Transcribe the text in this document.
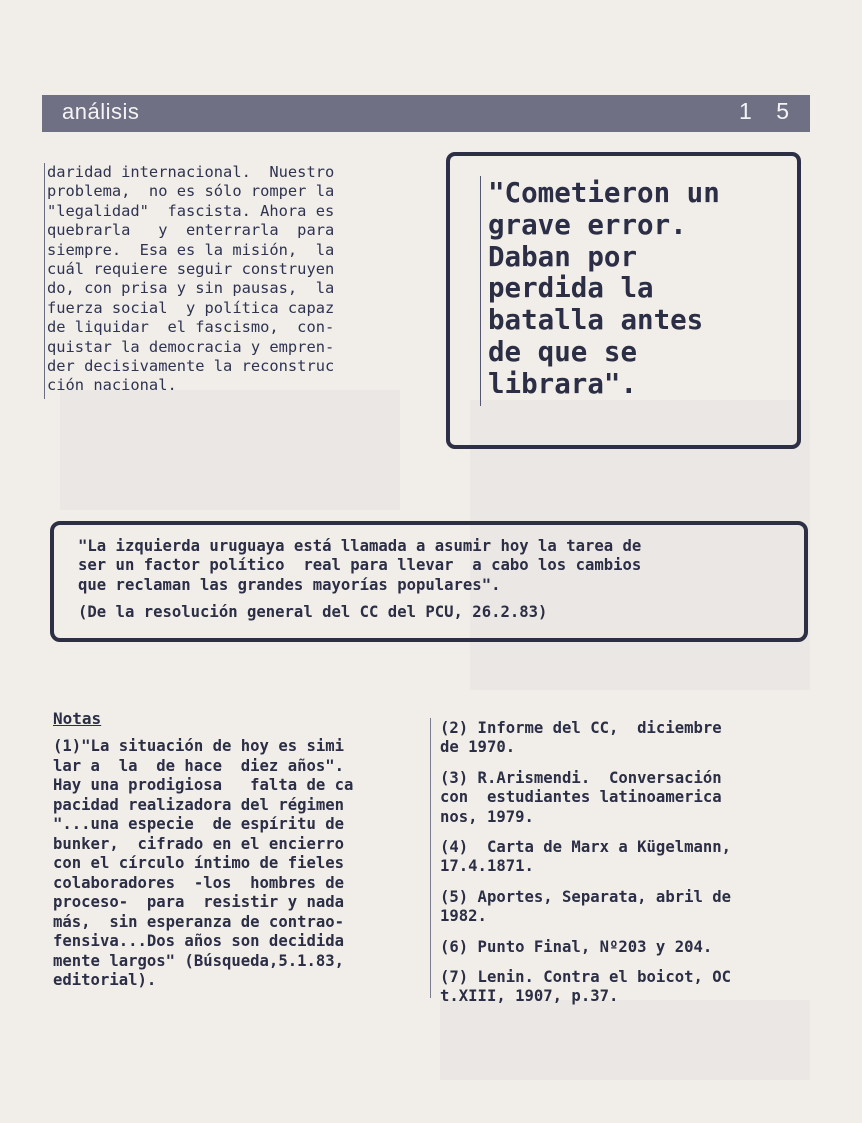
análisis	1 5
daridad internacional.  Nuestro
problema,  no es sólo romper la
"legalidad"  fascista. Ahora es
quebrarla   y  enterrarla  para
siempre.  Esa es la misión,  la
cuál requiere seguir construyen
do, con prisa y sin pausas,  la
fuerza social  y política capaz
de liquidar  el fascismo,  con-
quistar la democracia y empren-
der decisivamente la reconstruc
ción nacional.
"Cometieron un
grave error.
Daban por
perdida la
batalla antes
de que se
librara".
"La izquierda uruguaya está llamada a asumir hoy la tarea de
ser un factor político  real para llevar  a cabo los cambios
que reclaman las grandes mayorías populares".
(De la resolución general del CC del PCU, 26.2.83)
Notas
(1)"La situación de hoy es simi
lar a  la  de hace  diez años".
Hay una prodigiosa   falta de ca
pacidad realizadora del régimen
"...una especie  de espíritu de
bunker,  cifrado en el encierro
con el círculo íntimo de fieles
colaboradores  -los  hombres de
proceso-  para  resistir y nada
más,  sin esperanza de contraо-
fensiva...Dos años son decidida
mente largos" (Búsqueda,5.1.83,
editorial).
(2) Informe del CC,  diciembre
de 1970.
(3) R.Arismendi.  Conversación
con  estudiantes latinoamerica
nos, 1979.
(4)  Carta de Marx a Kügelmann,
17.4.1871.
(5) Aportes, Separata, abril de
1982.
(6) Punto Final, Nº203 y 204.
(7) Lenin. Contra el boicot, OC
t.XIII, 1907, p.37.
